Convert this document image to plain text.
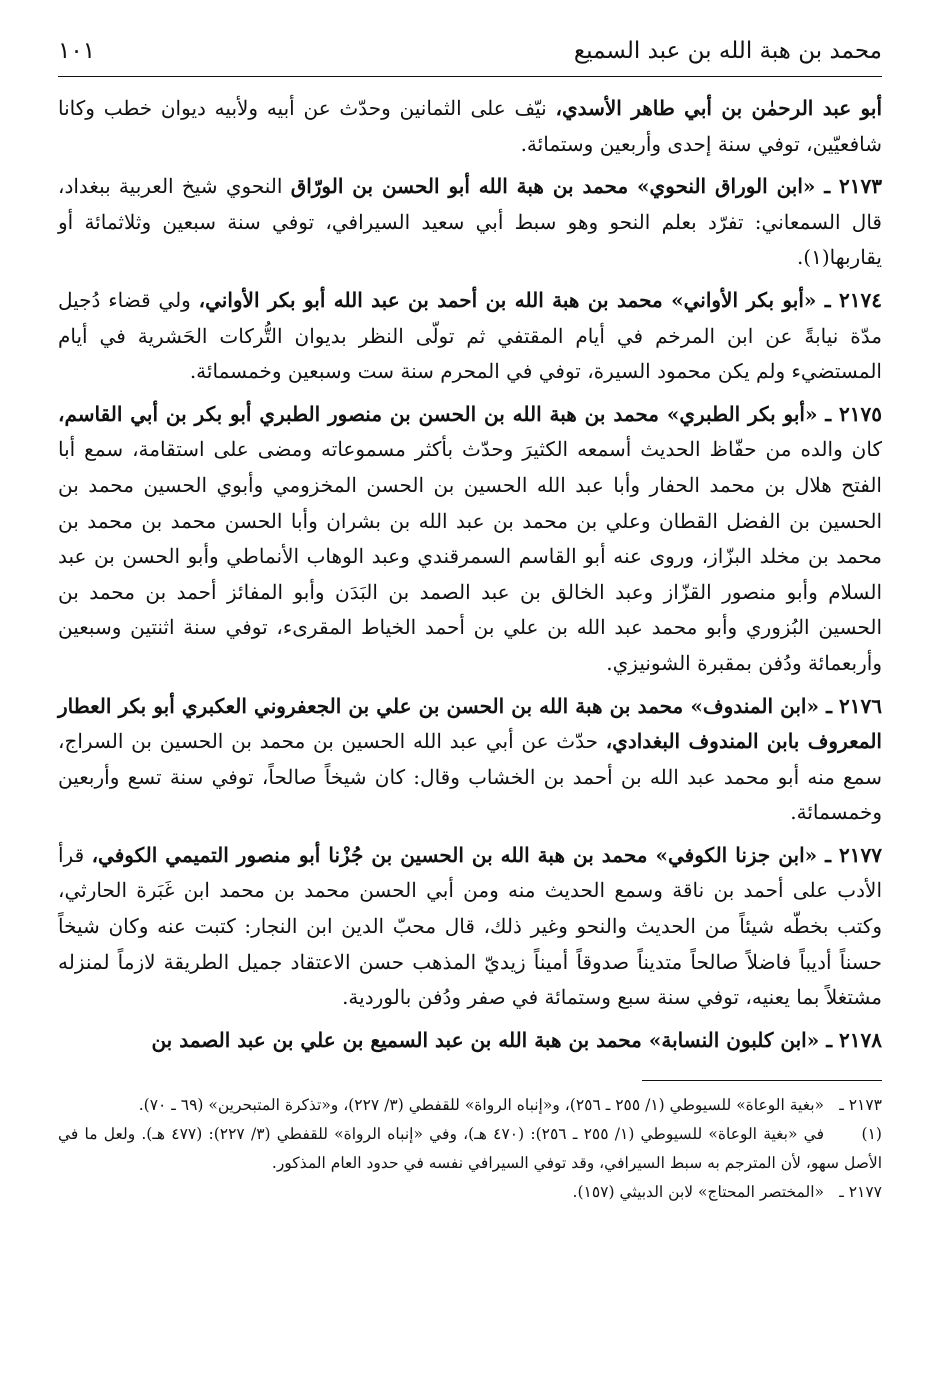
محمد بن هبة الله بن عبد السميع
١٠١

أبو عبد الرحمٰن بن أبي طاهر الأسدي، نيّف على الثمانين وحدّث عن أبيه ولأبيه ديوان خطب وكانا شافعيّين، توفي سنة إحدى وأربعين وستمائة.

٢١٧٣ ـ «ابن الوراق النحوي» محمد بن هبة الله أبو الحسن بن الورّاق النحوي شيخ العربية ببغداد، قال السمعاني: تفرّد بعلم النحو وهو سبط أبي سعيد السيرافي، توفي سنة سبعين وثلاثمائة أو يقاربها(١).

٢١٧٤ ـ «أبو بكر الأواني» محمد بن هبة الله بن أحمد بن عبد الله أبو بكر الأواني، ولي قضاء دُجيل مدّة نيابةً عن ابن المرخم في أيام المقتفي ثم تولّى النظر بديوان التُّركات الحَشرية في أيام المستضيء ولم يكن محمود السيرة، توفي في المحرم سنة ست وسبعين وخمسمائة.

٢١٧٥ ـ «أبو بكر الطبري» محمد بن هبة الله بن الحسن بن منصور الطبري أبو بكر بن أبي القاسم، كان والده من حفّاظ الحديث أسمعه الكثيرَ وحدّث بأكثر مسموعاته ومضى على استقامة، سمع أبا الفتح هلال بن محمد الحفار وأبا عبد الله الحسين بن الحسن المخزومي وأبوي الحسين محمد بن الحسين بن الفضل القطان وعلي بن محمد بن عبد الله بن بشران وأبا الحسن محمد بن محمد بن محمد بن مخلد البزّاز، وروى عنه أبو القاسم السمرقندي وعبد الوهاب الأنماطي وأبو الحسن بن عبد السلام وأبو منصور القزّاز وعبد الخالق بن عبد الصمد بن البَدَن وأبو المفائز أحمد بن محمد بن الحسين البُزوري وأبو محمد عبد الله بن علي بن أحمد الخياط المقرىء، توفي سنة اثنتين وسبعين وأربعمائة ودُفن بمقبرة الشونيزي.

٢١٧٦ ـ «ابن المندوف» محمد بن هبة الله بن الحسن بن علي بن الجعفروني العكبري أبو بكر العطار المعروف بابن المندوف البغدادي، حدّث عن أبي عبد الله الحسين بن محمد بن الحسين بن السراج، سمع منه أبو محمد عبد الله بن أحمد بن الخشاب وقال: كان شيخاً صالحاً، توفي سنة تسع وأربعين وخمسمائة.

٢١٧٧ ـ «ابن جزنا الكوفي» محمد بن هبة الله بن الحسين بن جُزْنا أبو منصور التميمي الكوفي، قرأ الأدب على أحمد بن ناقة وسمع الحديث منه ومن أبي الحسن محمد بن محمد ابن غَبَرة الحارثي، وكتب بخطّه شيئاً من الحديث والنحو وغير ذلك، قال محبّ الدين ابن النجار: كتبت عنه وكان شيخاً حسناً أديباً فاضلاً صالحاً متديناً صدوقاً أميناً زيديّ المذهب حسن الاعتقاد جميل الطريقة لازماً لمنزله مشتغلاً بما يعنيه، توفي سنة سبع وستمائة في صفر ودُفن بالوردية.

٢١٧٨ ـ «ابن كلبون النسابة» محمد بن هبة الله بن عبد السميع بن علي بن عبد الصمد بن

٢١٧٣ ـ«بغية الوعاة» للسيوطي (١/ ٢٥٥ ـ ٢٥٦)، و«إنباه الرواة» للقفطي (٣/ ٢٢٧)، و«تذكرة المتبحرين» (٦٩ ـ ٧٠).

(١)في «بغية الوعاة» للسيوطي (١/ ٢٥٥ ـ ٢٥٦): (٤٧٠ هـ)، وفي «إنباه الرواة» للقفطي (٣/ ٢٢٧): (٤٧٧ هـ). ولعل ما في الأصل سهو، لأن المترجم به سبط السيرافي، وقد توفي السيرافي نفسه في حدود العام المذكور.

٢١٧٧ ـ«المختصر المحتاج» لابن الدبيثي (١٥٧).
